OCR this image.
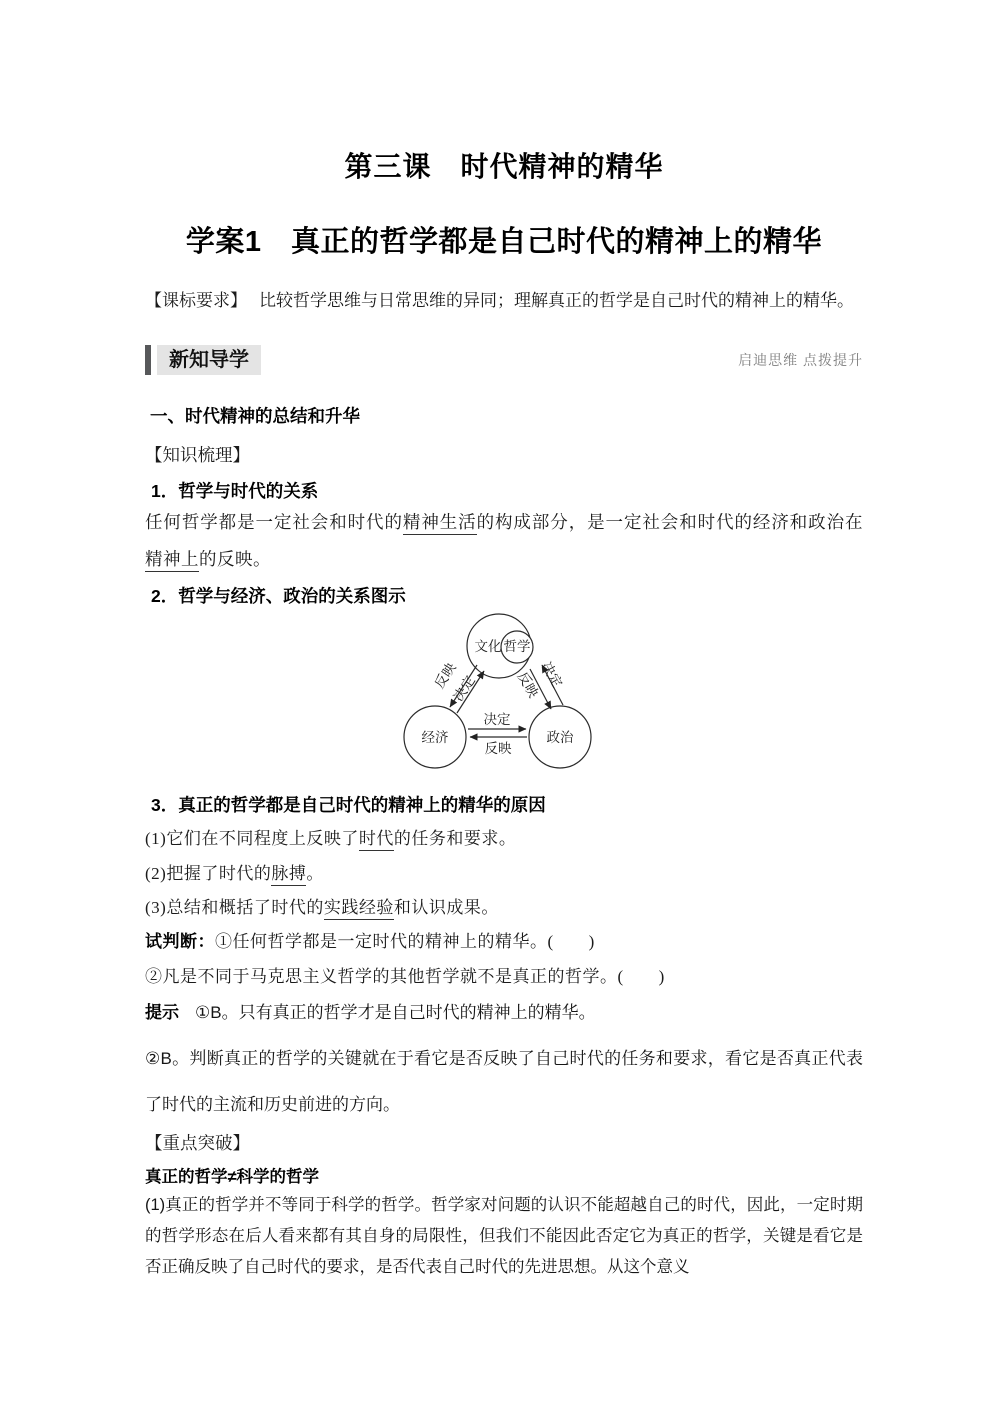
第三课　时代精神的精华
学案1　真正的哲学都是自己时代的精神上的精华

【课标要求】 比较哲学思维与日常思维的异同；理解真正的哲学是自己时代的精神上的精华。

新知导学	启迪思维 点拨提升
一、时代精神的总结和升华

【知识梳理】

1．哲学与时代的关系

任何哲学都是一定社会和时代的精神生活的构成部分，是一定社会和时代的经济和政治在精神上的反映。

2．哲学与经济、政治的关系图示
文化 哲学
经济	政治
反映
决定	反映
决定
决定
反映
3．真正的哲学都是自己时代的精神上的精华的原因

(1)它们在不同程度上反映了时代的任务和要求。

(2)把握了时代的脉搏。

(3)总结和概括了时代的实践经验和认识成果。

试判断：①任何哲学都是一定时代的精神上的精华。(　　)

②凡是不同于马克思主义哲学的其他哲学就不是真正的哲学。(　　)

提示 ①B。只有真正的哲学才是自己时代的精神上的精华。

②B。判断真正的哲学的关键就在于看它是否反映了自己时代的任务和要求，看它是否真正代表了时代的主流和历史前进的方向。

【重点突破】

真正的哲学≠科学的哲学

(1)真正的哲学并不等同于科学的哲学。哲学家对问题的认识不能超越自己的时代，因此，一定时期的哲学形态在后人看来都有其自身的局限性，但我们不能因此否定它为真正的哲学，关键是看它是否正确反映了自己时代的要求，是否代表自己时代的先进思想。从这个意义
